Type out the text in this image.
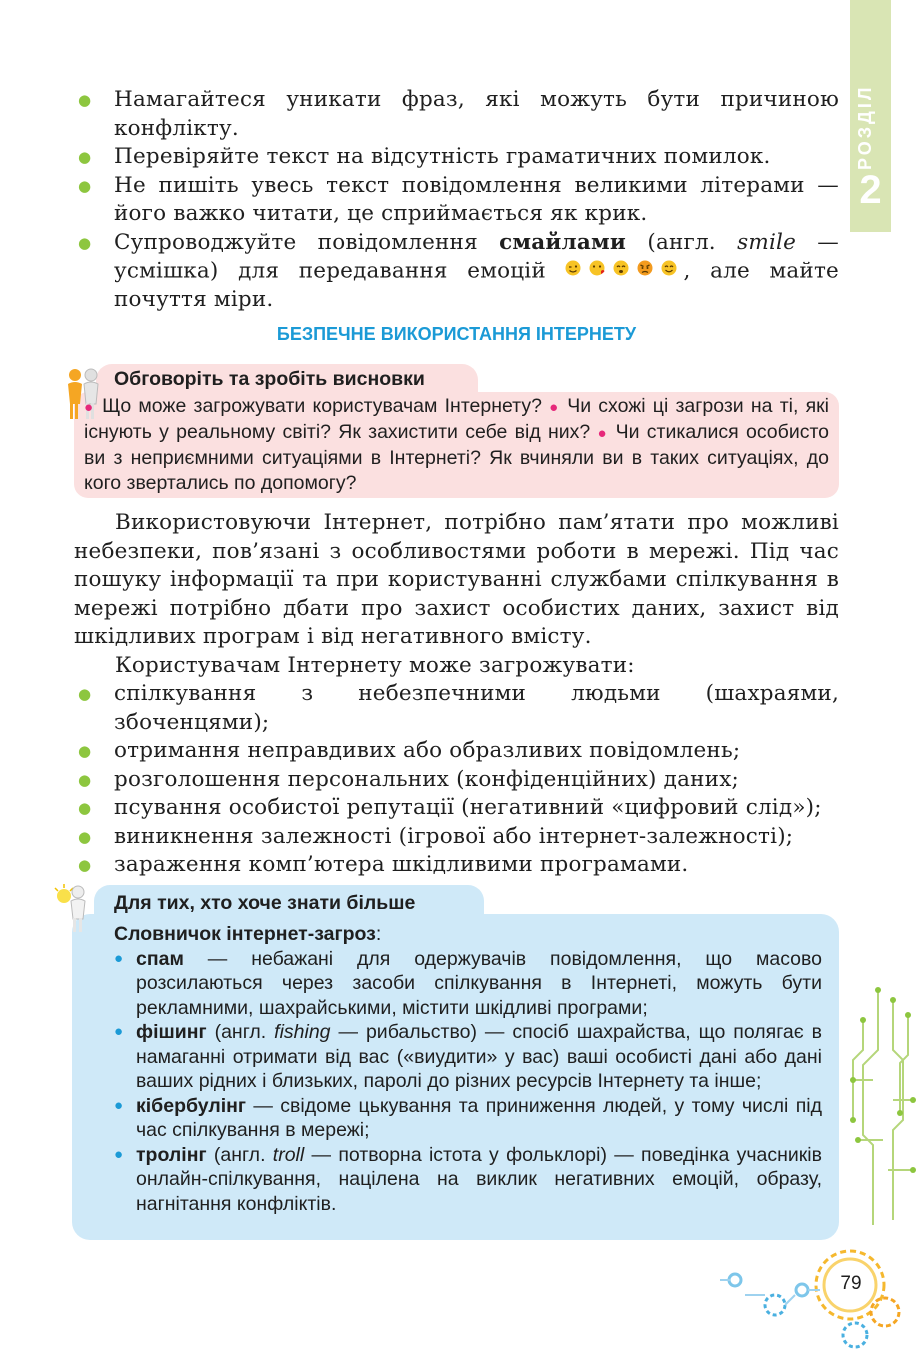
РОЗДІЛ
2
● Намагайтеся уникати фраз, які можуть бути причиною конфлікту.
● Перевіряйте текст на відсутність граматичних помилок.
● Не пишіть увесь текст повідомлення великими літерами — його важко читати, це сприймається як крик.
● Супроводжуйте повідомлення смайлами (англ. smile — усмішка) для передавання емоцій	, але майте почуття міри.
БЕЗПЕЧНЕ ВИКОРИСТАННЯ ІНТЕРНЕТУ
Обговоріть та зробіть висновки
● Що може загрожувати користувачам Інтернету? ● Чи схожі ці загрози на ті, які існують у реальному світі? Як захистити себе від них? ● Чи стикалися особисто ви з неприємними ситуаціями в Інтернеті? Як вчиняли ви в таких ситуаціях, до кого звертались по допомогу?

Використовуючи Інтернет, потрібно пам’ятати про можливі небезпеки, пов’язані з особливостями роботи в мережі. Під час пошуку інформації та при користуванні службами спілкування в мережі потрібно дбати про захист особистих даних, захист від шкідливих програм і від негативного вмісту.

Користувачам Інтернету може загрожувати:

● спілкування з небезпечними людьми (шахраями, збоченцями);
● отримання неправдивих або образливих повідомлень;
● розголошення персональних (конфіденційних) даних;
● псування особистої репутації (негативний «цифровий слід»);
● виникнення залежності (ігрової або інтернет-залежності);
● зараження комп’ютера шкідливими програмами.
Для тих, хто хоче знати більше
Словничок інтернет-загроз:
● спам — небажані для одержувачів повідомлення, що масово розсилаються через засоби спілкування в Інтернеті, можуть бути рекламними, шахрайськими, містити шкідливі програми;
● фішинг (англ. fishing — рибальство) — спосіб шахрайства, що полягає в намаганні отримати від вас («виудити» у вас) ваші особисті дані або дані ваших рідних і близьких, паролі до різних ресурсів Інтернету та інше;
● кібербулінг — свідоме цькування та приниження людей, у тому числі під час спілкування в мережі;
● тролінг (англ. troll — потворна істота у фольклорі) — поведінка учасників онлайн-спілкування, націлена на виклик негативних емоцій, образу, нагнітання конфліктів.
79
